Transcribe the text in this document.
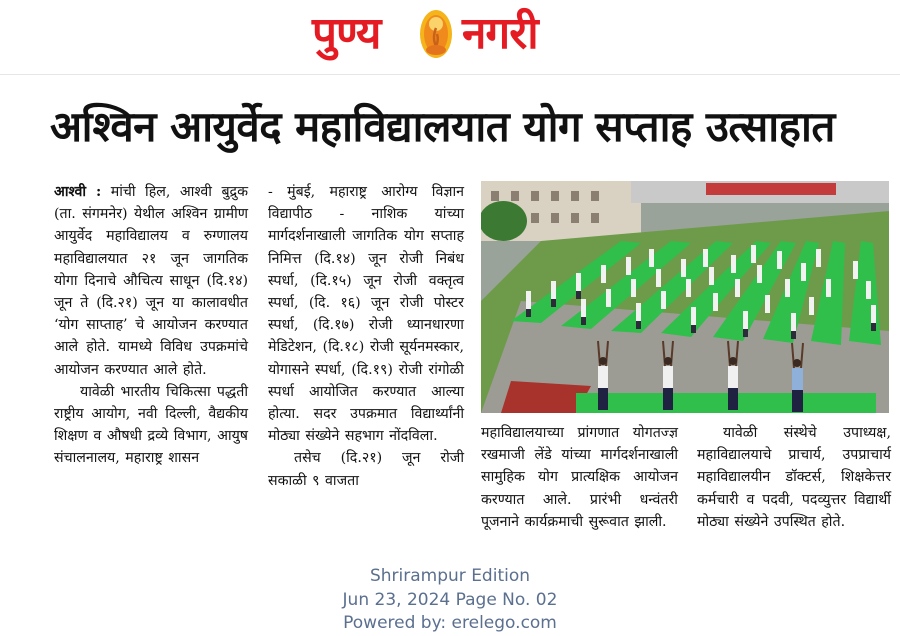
पुण्य नगरी
अश्विन आयुर्वेद महाविद्यालयात योग सप्ताह उत्साहात

आश्वी : मांची हिल, आश्वी बुद्रुक (ता. संगमनेर) येथील अश्विन ग्रामीण आयुर्वेद महाविद्यालय व रुग्णालय महाविद्यालयात २१ जून जागतिक योगा दिनाचे औचित्य साधून (दि.१४) जून ते (दि.२१) जून या कालावधीत ‘योग साप्ताह’ चे आयोजन करण्यात आले होते. यामध्ये विविध उपक्रमांचे आयोजन करण्यात आले होते.

यावेळी भारतीय चिकित्सा पद्धती राष्ट्रीय आयोग, नवी दिल्ली, वैद्यकीय शिक्षण व औषधी द्रव्ये विभाग, आयुष संचालनालय, महाराष्ट्र शासन

- मुंबई, महाराष्ट्र आरोग्य विज्ञान विद्यापीठ - नाशिक यांच्या मार्गदर्शनाखाली जागतिक योग सप्ताह निमित्त (दि.१४) जून रोजी निबंध स्पर्धा, (दि.१५) जून रोजी वक्तृत्व स्पर्धा, (दि. १६) जून रोजी पोस्टर स्पर्धा, (दि.१७) रोजी ध्यानधारणा मेडिटेशन, (दि.१८) रोजी सूर्यनमस्कार, योगासने स्पर्धा, (दि.१९) रोजी रांगोळी स्पर्धा आयोजित करण्यात आल्या होत्या. सदर उपक्रमात विद्यार्थ्यांनी मोठ्या संख्येने सहभाग नोंदविला.

तसेच (दि.२१) जून रोजी सकाळी ९ वाजता

महाविद्यालयाच्या प्रांगणात योगतज्ज्ञ रखमाजी लेंडे यांच्या मार्गदर्शनाखाली सामुहिक योग प्रात्यक्षिक आयोजन करण्यात आले. प्रारंभी धन्वंतरी पूजनाने कार्यक्रमाची सुरूवात झाली.

यावेळी संस्थेचे उपाध्यक्ष, महाविद्यालयाचे प्राचार्य, उपप्राचार्य महाविद्यालयीन डॉक्टर्स, शिक्षकेत्तर कर्मचारी व पदवी, पदव्युत्तर विद्यार्थी मोठ्या संख्येने उपस्थित होते.

Shrirampur Edition
Jun 23, 2024 Page No. 02
Powered by: erelego.com
